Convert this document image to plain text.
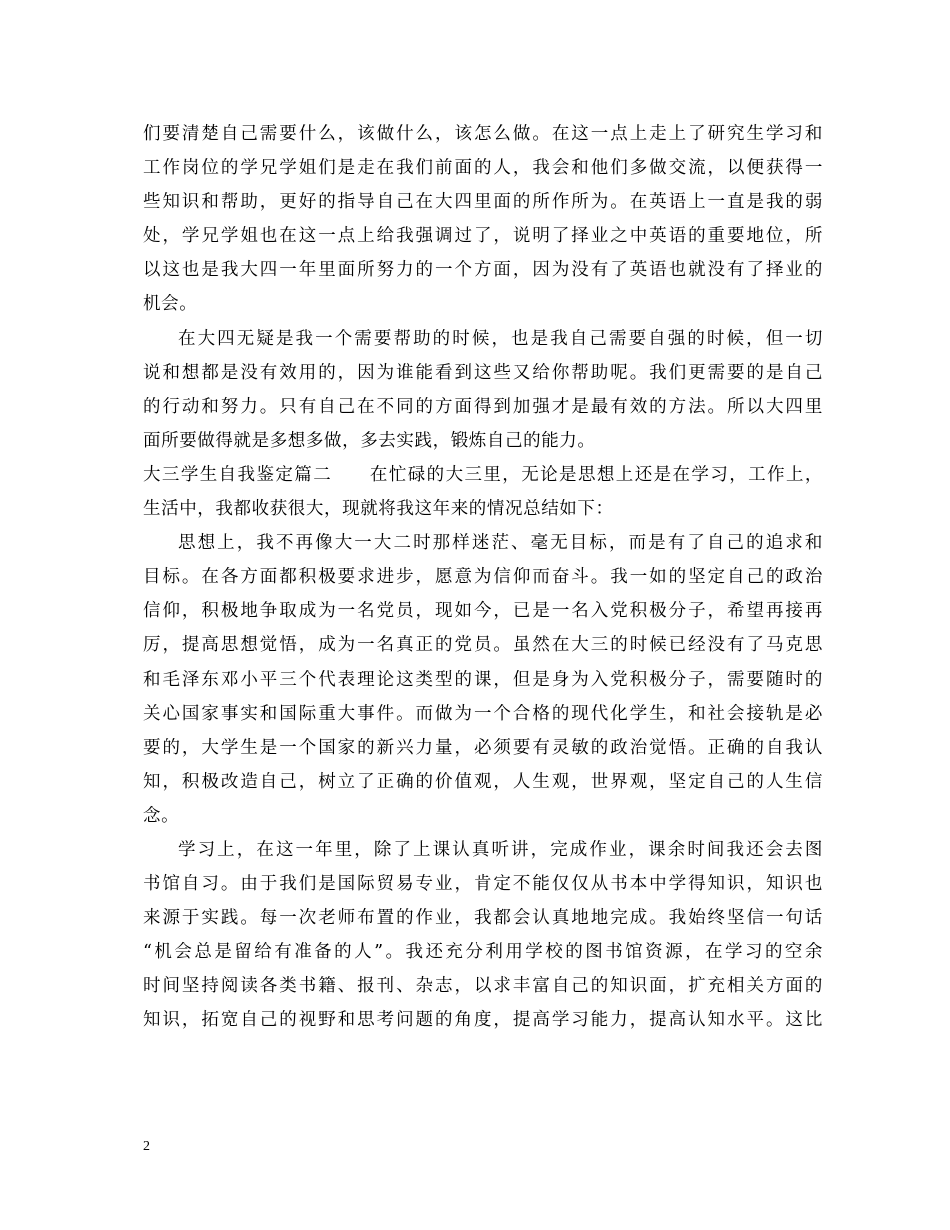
们要清楚自己需要什么，该做什么，该怎么做。在这一点上走上了研究生学习和
工作岗位的学兄学姐们是走在我们前面的人，我会和他们多做交流，以便获得一
些知识和帮助，更好的指导自己在大四里面的所作所为。在英语上一直是我的弱
处，学兄学姐也在这一点上给我强调过了，说明了择业之中英语的重要地位，所
以这也是我大四一年里面所努力的一个方面，因为没有了英语也就没有了择业的
机会。
在大四无疑是我一个需要帮助的时候，也是我自己需要自强的时候，但一切
说和想都是没有效用的，因为谁能看到这些又给你帮助呢。我们更需要的是自己
的行动和努力。只有自己在不同的方面得到加强才是最有效的方法。所以大四里
面所要做得就是多想多做，多去实践，锻炼自己的能力。
大三学生自我鉴定篇二　　在忙碌的大三里，无论是思想上还是在学习，工作上，
生活中，我都收获很大，现就将我这年来的情况总结如下：
思想上，我不再像大一大二时那样迷茫、毫无目标，而是有了自己的追求和
目标。在各方面都积极要求进步，愿意为信仰而奋斗。我一如的坚定自己的政治
信仰，积极地争取成为一名党员，现如今，已是一名入党积极分子，希望再接再
厉，提高思想觉悟，成为一名真正的党员。虽然在大三的时候已经没有了马克思
和毛泽东邓小平三个代表理论这类型的课，但是身为入党积极分子，需要随时的
关心国家事实和国际重大事件。而做为一个合格的现代化学生，和社会接轨是必
要的，大学生是一个国家的新兴力量，必须要有灵敏的政治觉悟。正确的自我认
知，积极改造自己，树立了正确的价值观，人生观，世界观，坚定自己的人生信
念。
学习上，在这一年里，除了上课认真听讲，完成作业，课余时间我还会去图
书馆自习。由于我们是国际贸易专业，肯定不能仅仅从书本中学得知识，知识也
来源于实践。每一次老师布置的作业，我都会认真地地完成。我始终坚信一句话
“机会总是留给有准备的人”。我还充分利用学校的图书馆资源，在学习的空余
时间坚持阅读各类书籍、报刊、杂志，以求丰富自己的知识面，扩充相关方面的
知识，拓宽自己的视野和思考问题的角度，提高学习能力，提高认知水平。这比
2
